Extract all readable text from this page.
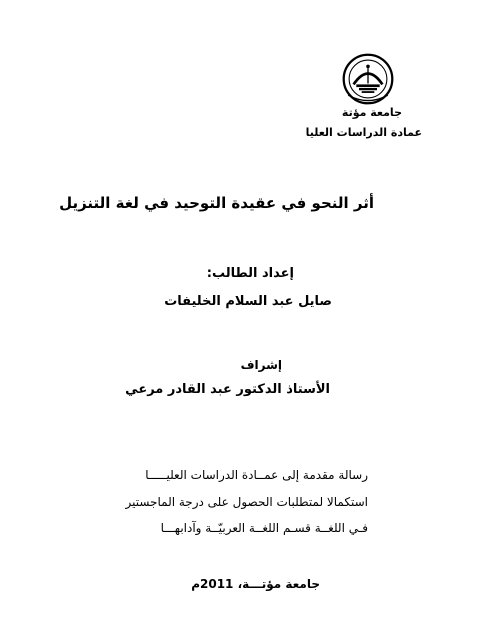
جامعة مؤتة
عمادة الدراسات العليا
أثر النحو في عقيدة التوحيد في لغة التنزيل
إعداد الطالب:
صايل عبد السلام الخليفات
إشراف
الأستاذ الدكتور عبد القادر مرعي
رسالة مقدمة إلى عمــادة الدراسات العليـــــا
استكمالا لمتطلبات الحصول على درجة الماجستير
فـي اللغــة قسـم اللغــة العربيّــة وآدابهـــا
جامعة مؤتـــة، 2011م
